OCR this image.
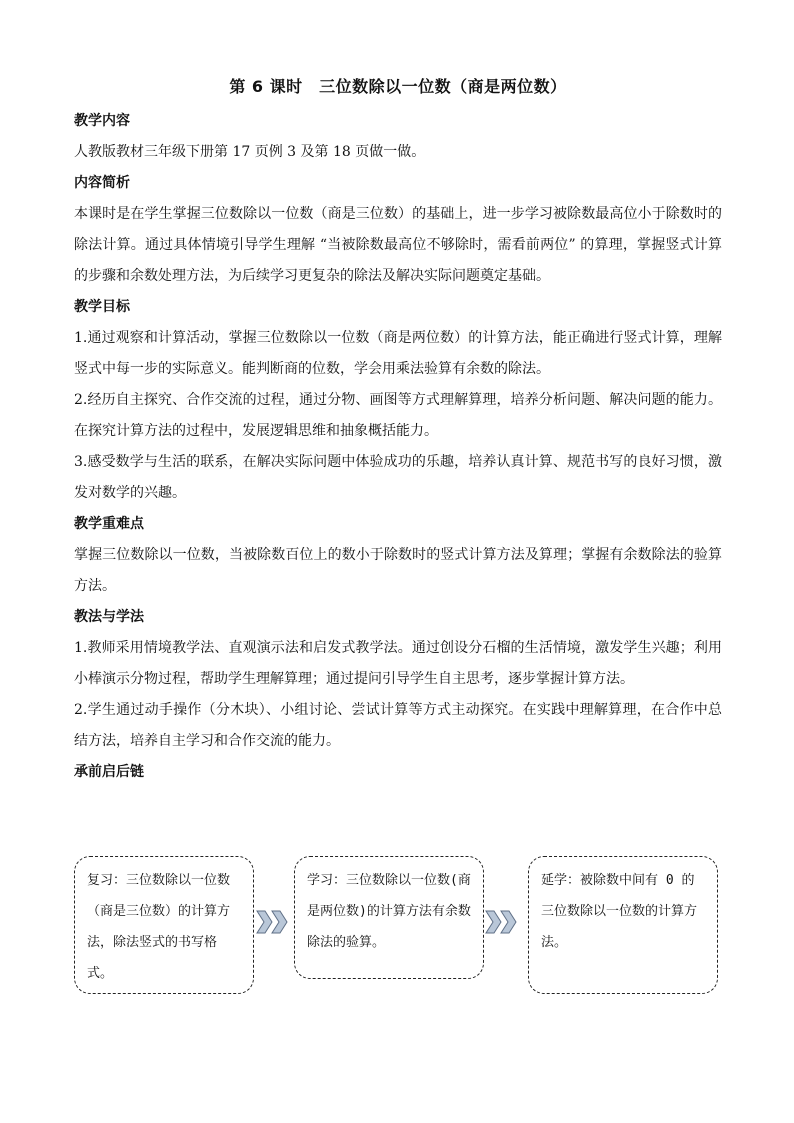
第 6 课时　三位数除以一位数（商是两位数）
教学内容

人教版教材三年级下册第 17 页例 3 及第 18 页做一做。

内容简析

本课时是在学生掌握三位数除以一位数（商是三位数）的基础上，进一步学习被除数最高位小于除数时的除法计算。通过具体情境引导学生理解 “当被除数最高位不够除时，需看前两位” 的算理，掌握竖式计算的步骤和余数处理方法，为后续学习更复杂的除法及解决实际问题奠定基础。

教学目标

1.通过观察和计算活动，掌握三位数除以一位数（商是两位数）的计算方法，能正确进行竖式计算，理解竖式中每一步的实际意义。能判断商的位数，学会用乘法验算有余数的除法。

2.经历自主探究、合作交流的过程，通过分物、画图等方式理解算理，培养分析问题、解决问题的能力。在探究计算方法的过程中，发展逻辑思维和抽象概括能力。

3.感受数学与生活的联系，在解决实际问题中体验成功的乐趣，培养认真计算、规范书写的良好习惯，激发对数学的兴趣。

教学重难点

掌握三位数除以一位数，当被除数百位上的数小于除数时的竖式计算方法及算理；掌握有余数除法的验算方法。

教法与学法

1.教师采用情境教学法、直观演示法和启发式教学法。通过创设分石榴的生活情境，激发学生兴趣；利用小棒演示分物过程，帮助学生理解算理；通过提问引导学生自主思考，逐步掌握计算方法。

2.学生通过动手操作（分木块）、小组讨论、尝试计算等方式主动探究。在实践中理解算理，在合作中总结方法，培养自主学习和合作交流的能力。

承前启后链
复习：三位数除以一位数（商是三位数）的计算方法，除法竖式的书写格式。
学习：三位数除以一位数(商是两位数)的计算方法有余数除法的验算。
延学：被除数中间有 0 的三位数除以一位数的计算方法。
